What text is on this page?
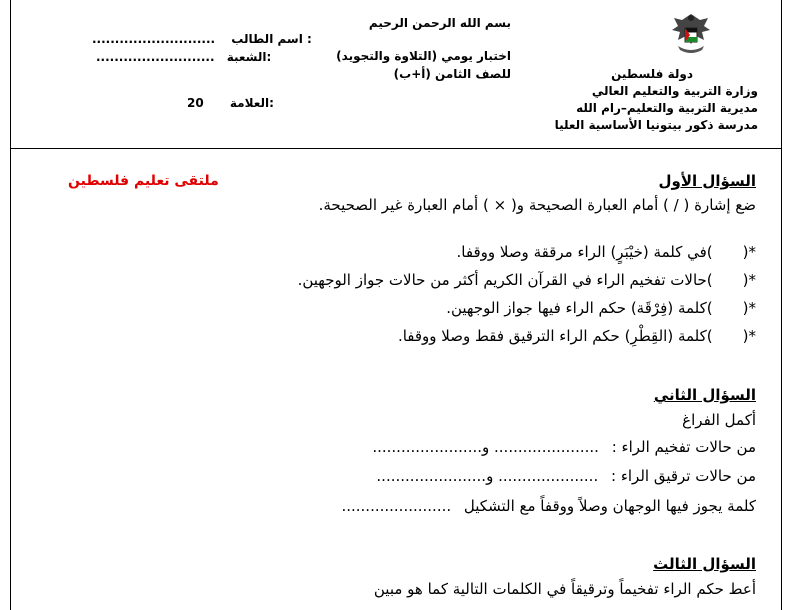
دولة فلسطين
وزارة التربية والتعليم العالي
مديرية التربية والتعليم–رام الله
مدرسة ذكور بيتونيا الأساسية العليا
بسم الله الرحمن الرحيم
اختبار يومي (التلاوة والتجويد)
للصف الثامن (أ+ب)
........................... اسم الطالب :
.......................... الشعبة:
20 العلامة:
ملتقى تعليم فلسطين	السؤال الأول
ضع إشارة ( / ) أمام العبارة الصحيحة و( × ) أمام العبارة غير الصحيحة.
*()في كلمة (خيْبَرٍ) الراء مرققة وصلا ووقفا.
*()حالات تفخيم الراء في القرآن الكريم أكثر من حالات جواز الوجهين.
*()كلمة (فِرْقَة) حكم الراء فيها جواز الوجهين.
*()كلمة (القِطْرِ) حكم الراء الترقيق فقط وصلا ووقفا.
السؤال الثاني
أكمل الفراغ
من حالات تفخيم الراء : ...................... و.......................
من حالات ترقيق الراء : ..................... و.......................
كلمة يجوز فيها الوجهان وصلاً ووقفاً مع التشكيل .......................
السؤال الثالث
أعط حكم الراء تفخيماً وترقيقاً في الكلمات التالية كما هو مبين
